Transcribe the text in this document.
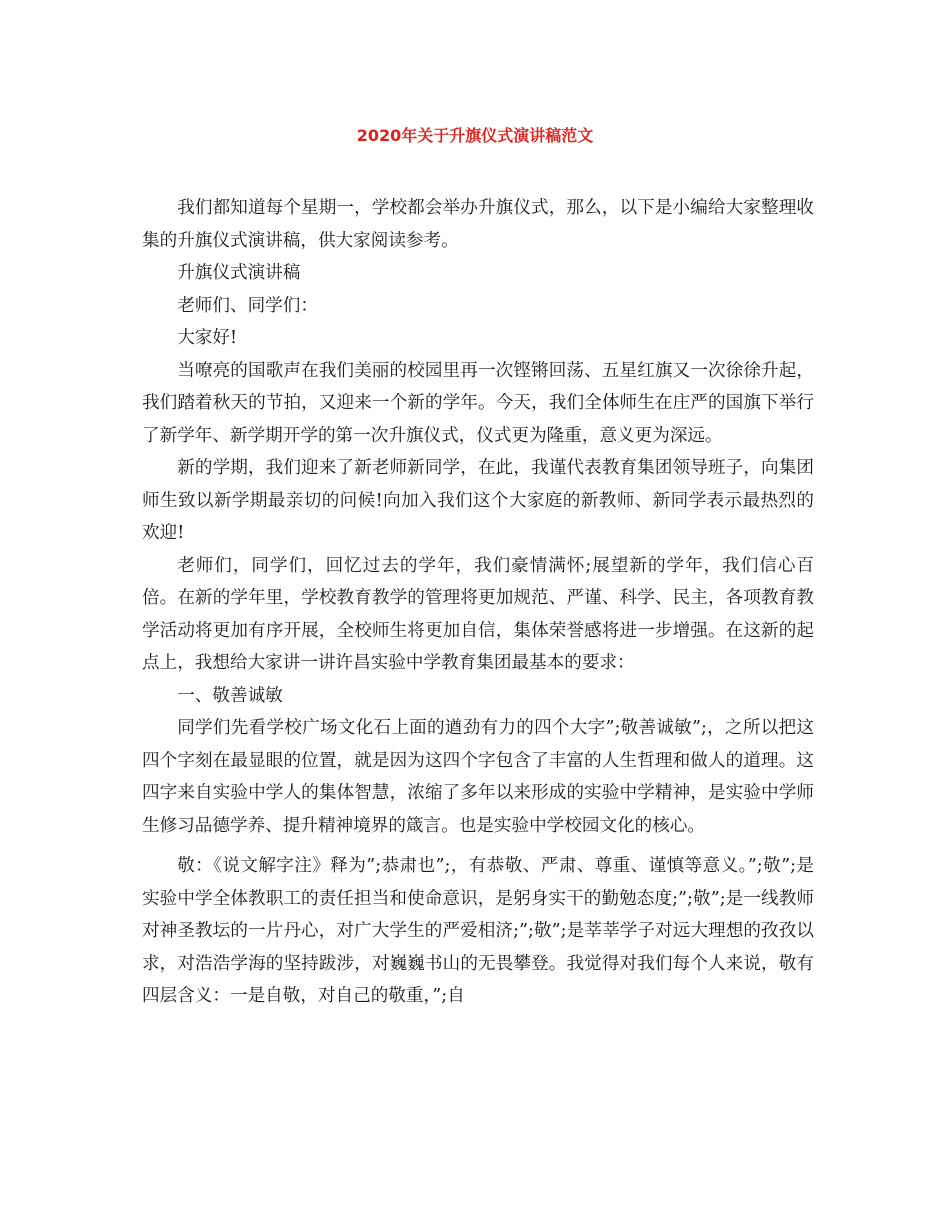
2020年关于升旗仪式演讲稿范文

我们都知道每个星期一，学校都会举办升旗仪式，那么，以下是小编给大家整理收集的升旗仪式演讲稿，供大家阅读参考。

升旗仪式演讲稿

老师们、同学们：

大家好!

当嘹亮的国歌声在我们美丽的校园里再一次铿锵回荡、五星红旗又一次徐徐升起，我们踏着秋天的节拍，又迎来一个新的学年。今天，我们全体师生在庄严的国旗下举行了新学年、新学期开学的第一次升旗仪式，仪式更为隆重，意义更为深远。

新的学期，我们迎来了新老师新同学，在此，我谨代表教育集团领导班子，向集团师生致以新学期最亲切的问候!向加入我们这个大家庭的新教师、新同学表示最热烈的欢迎!

老师们，同学们，回忆过去的学年，我们豪情满怀;展望新的学年，我们信心百倍。在新的学年里，学校教育教学的管理将更加规范、严谨、科学、民主，各项教育教学活动将更加有序开展，全校师生将更加自信，集体荣誉感将进一步增强。在这新的起点上，我想给大家讲一讲许昌实验中学教育集团最基本的要求：

一、敬善诚敏

同学们先看学校广场文化石上面的遒劲有力的四个大字”;敬善诚敏”;，之所以把这四个字刻在最显眼的位置，就是因为这四个字包含了丰富的人生哲理和做人的道理。这四字来自实验中学人的集体智慧，浓缩了多年以来形成的实验中学精神，是实验中学师生修习品德学养、提升精神境界的箴言。也是实验中学校园文化的核心。

敬：《说文解字注》释为”;恭肃也”;，有恭敬、严肃、尊重、谨慎等意义。”;敬”;是实验中学全体教职工的责任担当和使命意识，是躬身实干的勤勉态度;”;敬”;是一线教师对神圣教坛的一片丹心，对广大学生的严爱相济;”;敬”;是莘莘学子对远大理想的孜孜以求，对浩浩学海的坚持跋涉，对巍巍书山的无畏攀登。我觉得对我们每个人来说，敬有四层含义：一是自敬，对自己的敬重，”;自
